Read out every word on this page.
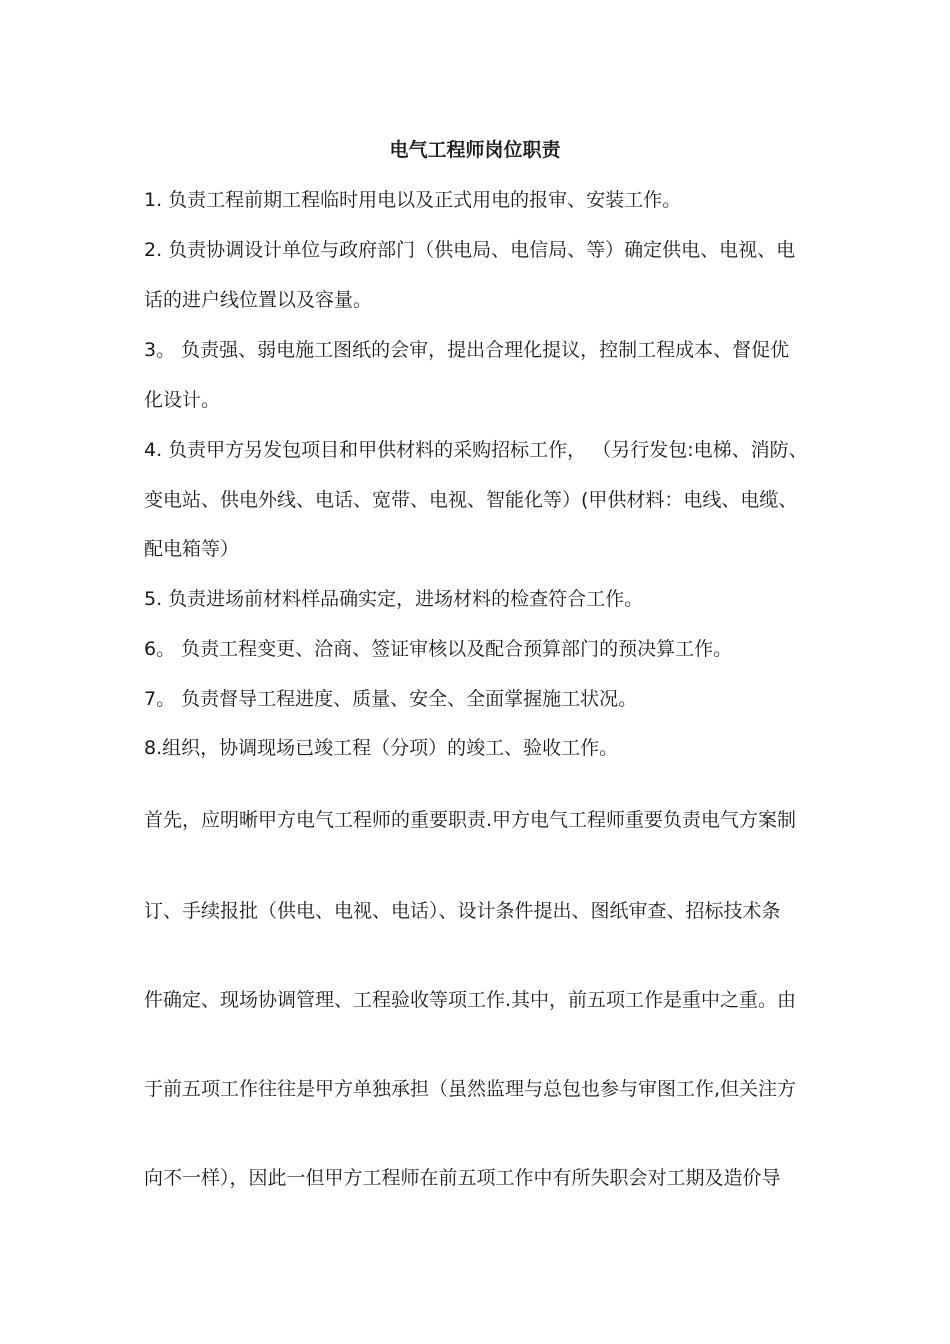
电气工程师岗位职责
1. 负责工程前期工程临时用电以及正式用电的报审、安装工作。
2. 负责协调设计单位与政府部门（供电局、电信局、等）确定供电、电视、电
话的进户线位置以及容量。
3。 负责强、弱电施工图纸的会审，提出合理化提议，控制工程成本、督促优
化设计。
4. 负责甲方另发包项目和甲供材料的采购招标工作， （另行发包:电梯、消防、
变电站、供电外线、电话、宽带、电视、智能化等）(甲供材料：电线、电缆、
配电箱等）
5. 负责进场前材料样品确实定，进场材料的检查符合工作。
6。 负责工程变更、洽商、签证审核以及配合预算部门的预决算工作。
7。 负责督导工程进度、质量、安全、全面掌握施工状况。
8.组织，协调现场已竣工程（分项）的竣工、验收工作。
首先，应明晰甲方电气工程师的重要职责.甲方电气工程师重要负责电气方案制
订、手续报批（供电、电视、电话）、设计条件提出、图纸审查、招标技术条
件确定、现场协调管理、工程验收等项工作.其中，前五项工作是重中之重。由
于前五项工作往往是甲方单独承担（虽然监理与总包也参与审图工作,但关注方
向不一样），因此一但甲方工程师在前五项工作中有所失职会对工期及造价导
